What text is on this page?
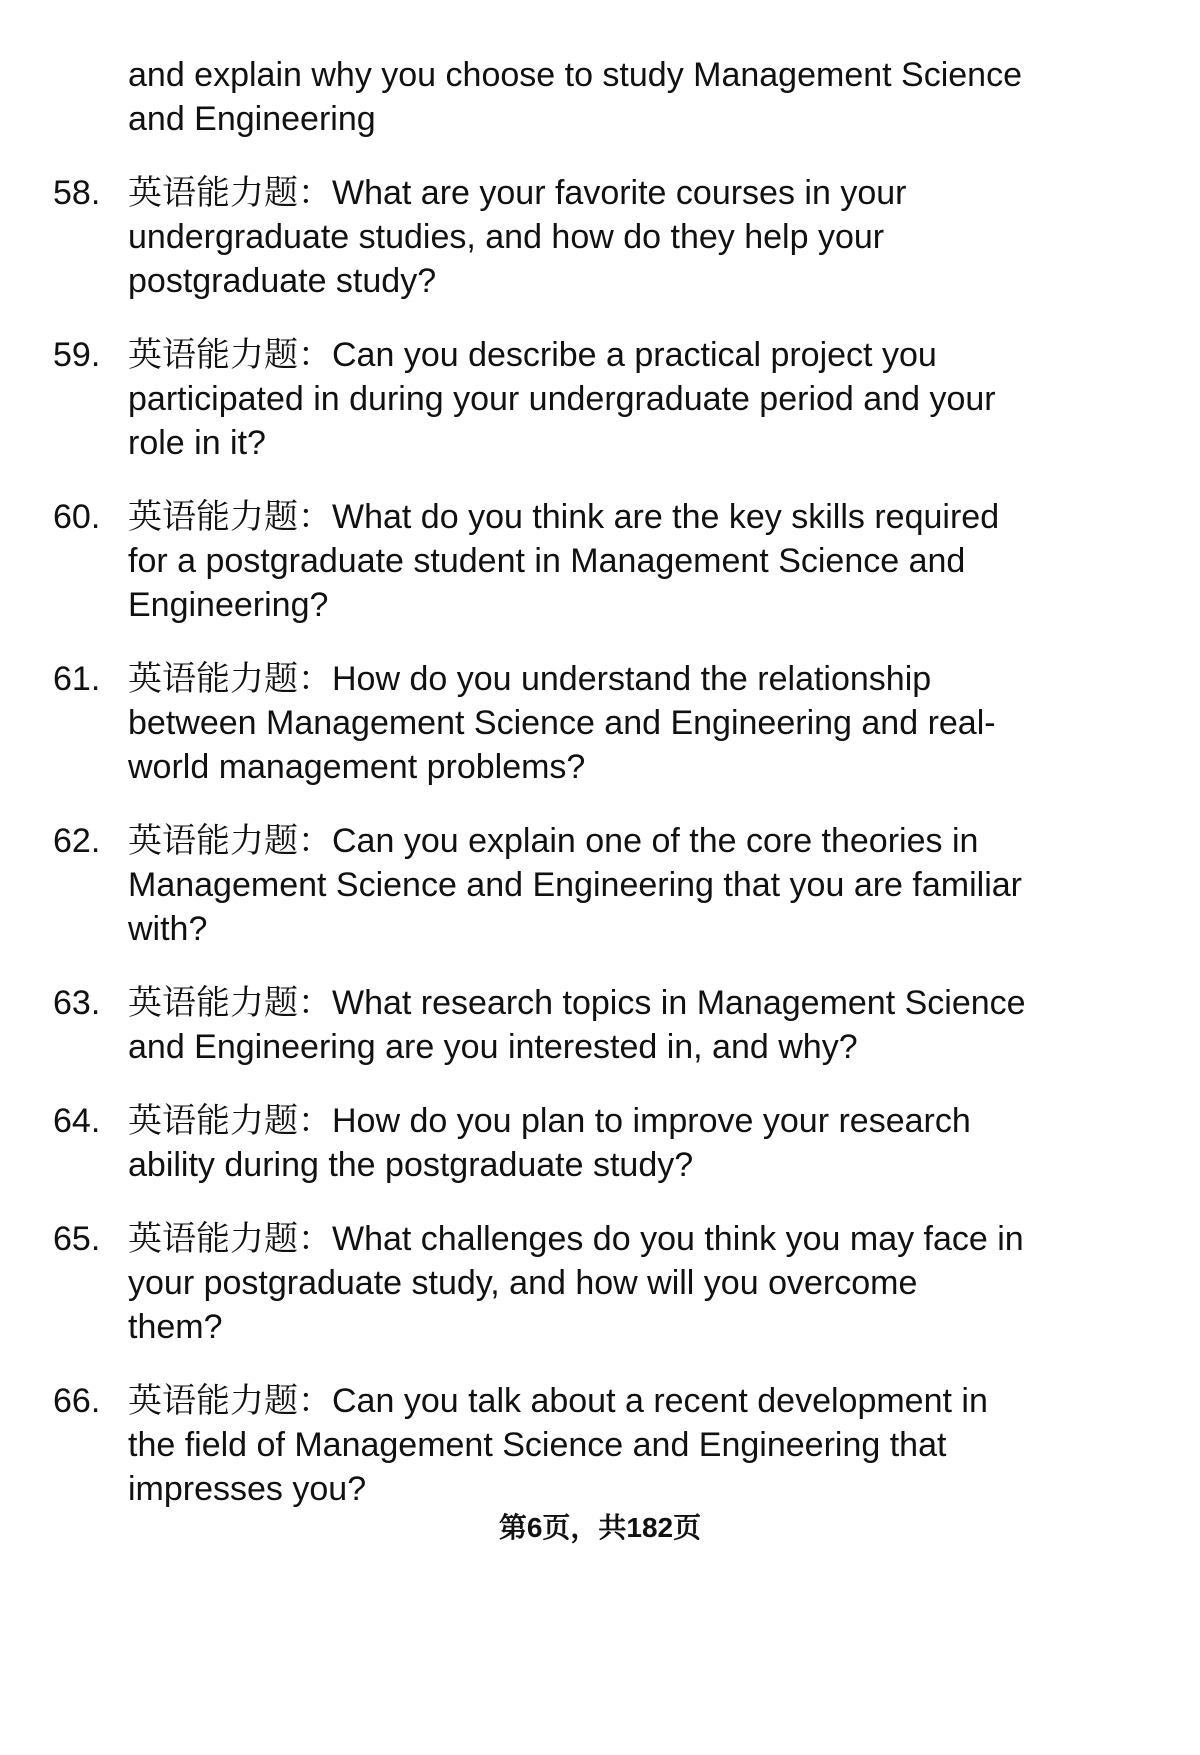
and explain why you choose to study Management Science
and Engineering
58. 英语能力题：What are your favorite courses in your
undergraduate studies, and how do they help your
postgraduate study?
59. 英语能力题：Can you describe a practical project you
participated in during your undergraduate period and your
role in it?
60. 英语能力题：What do you think are the key skills required
for a postgraduate student in Management Science and
Engineering?
61. 英语能力题：How do you understand the relationship
between Management Science and Engineering and real-
world management problems?
62. 英语能力题：Can you explain one of the core theories in
Management Science and Engineering that you are familiar
with?
63. 英语能力题：What research topics in Management Science
and Engineering are you interested in, and why?
64. 英语能力题：How do you plan to improve your research
ability during the postgraduate study?
65. 英语能力题：What challenges do you think you may face in
your postgraduate study, and how will you overcome
them?
66. 英语能力题：Can you talk about a recent development in
the field of Management Science and Engineering that
impresses you?
第6页，共182页
